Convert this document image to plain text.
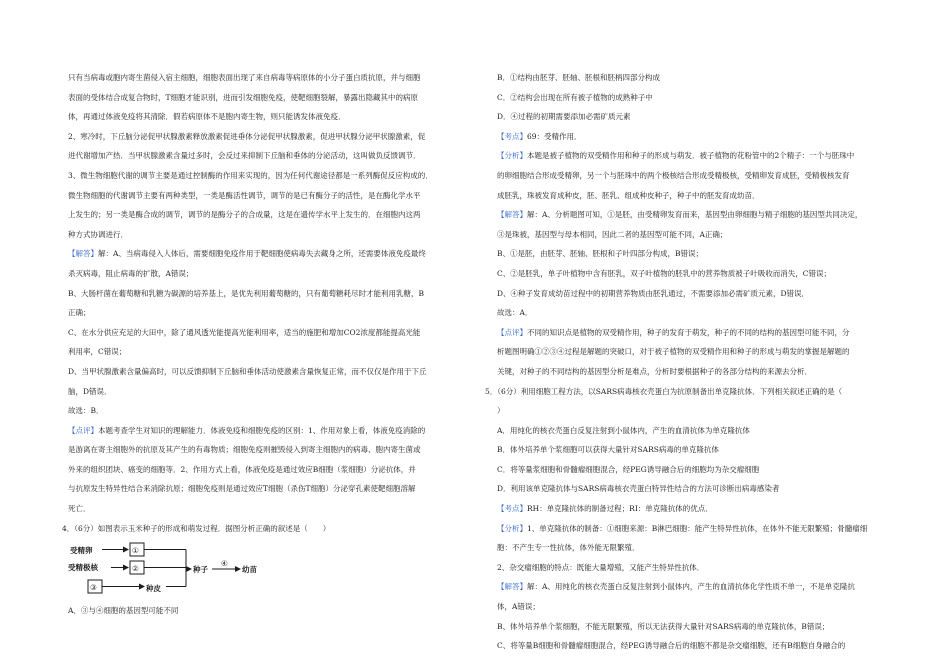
只有当病毒或胞内寄生菌侵入宿主细胞，细胞表面出现了来自病毒等病原体的小分子蛋白质抗原，并与细胞
表面的受体结合成复合物时，T细胞才能识别，进而引发细胞免疫，使靶细胞裂解，暴露出隐藏其中的病原
体，再通过体液免疫将其清除．假若病原体不是胞内寄生物，则只能诱发体液免疫．
2、寒冷时，下丘脑分泌促甲状腺激素释放激素促进垂体分泌促甲状腺激素，促进甲状腺分泌甲状腺激素，促
进代谢增加产热．当甲状腺激素含量过多时，会反过来抑制下丘脑和垂体的分泌活动，这叫做负反馈调节．
3、微生物细胞代谢的调节主要是通过控制酶的作用来实现的，因为任何代谢途径都是一系列酶促反应构成的．
微生物细胞的代谢调节主要有两种类型，一类是酶活性调节，调节的是已有酶分子的活性，是在酶化学水平
上发生的；另一类是酶合成的调节，调节的是酶分子的合成量，这是在遗传学水平上发生的．在细胞内这两
种方式协调进行．
【解答】解：A、当病毒侵入人体后，需要细胞免疫作用于靶细胞使病毒失去藏身之所，还需要体液免疫最终
杀灭病毒，阻止病毒的扩散，A错误；
B、大肠杆菌在葡萄糖和乳糖为碳源的培养基上，是优先利用葡萄糖的，只有葡萄糖耗尽时才能利用乳糖，B
正确；
C、在水分供应充足的大田中，除了通风透光能提高光能利用率，适当的施肥和增加CO2浓度都能提高光能
利用率，C错误；
D、当甲状腺激素含量偏高时，可以反馈抑制下丘脑和垂体活动使激素含量恢复正常，而不仅仅是作用于下丘
脑，D错误．
故选：B．
【点评】本题考查学生对知识的理解能力．体液免疫和细胞免疫的区别：1、作用对象上看，体液免疫消除的
是游离在寄主细胞外的抗原及其产生的有毒物质；细胞免疫则摧毁侵入到寄主细胞内的病毒、胞内寄生菌或
外来的组织团块、癌变的细胞等．2、作用方式上看，体液免疫是通过效应B细胞（浆细胞）分泌抗体，并
与抗原发生特异性结合来消除抗原；细胞免疫则是通过效应T细胞（杀伤T细胞）分泌穿孔素使靶细胞溶解
死亡．
4．（6分）如图表示玉米种子的形成和萌发过程．据图分析正确的叙述是（　　）
受精卵
受精极核	种子	幼苗
种皮
①
②
③
④
A．③与④细胞的基因型可能不同
B．①结构由胚芽、胚轴、胚根和胚柄四部分构成
C．②结构会出现在所有被子植物的成熟种子中
D．④过程的初期需要添加必需矿质元素
【考点】69：受精作用．
【分析】本题是被子植物的双受精作用和种子的形成与萌发．被子植物的花粉管中的2个精子：一个与胚珠中
的卵细胞结合形成受精卵，另一个与胚珠中的两个极核结合形成受精极核，受精卵发育成胚，受精极核发育
成胚乳，珠被发育成种皮，胚、胚乳、组成种皮种子，种子中的胚发育成幼苗．
【解答】解：A、分析题图可知，①是胚，由受精卵发育而来，基因型由卵细胞与精子细胞的基因型共同决定，
③是珠被，基因型与母本相同，因此二者的基因型可能不同，A正确；
B、①是胚，由胚芽、胚轴、胚根和子叶四部分构成，B错误；
C、②是胚乳，单子叶植物中含有胚乳，双子叶植物的胚乳中的营养物质被子叶吸收而消失，C错误；
D、④种子发育成幼苗过程中的初期营养物质由胚乳通过，不需要添加必需矿质元素，D错误．
故选：A．
【点评】不同的知识点是植物的双受精作用，种子的发育于萌发，种子的不同的结构的基因型可能不同，分
析题图明确①②③④过程是解题的突破口，对于被子植物的双受精作用和种子的形成与萌发的掌握是解题的
关键，对种子的不同结构的基因型分析是难点，分析时要根据种子的各部分结构的来源去分析．
5．（6分）利用细胞工程方法，以SARS病毒核衣壳蛋白为抗原制备出单克隆抗体．下列相关叙述正确的是（
）
A．用纯化的核衣壳蛋白反复注射到小鼠体内，产生的血清抗体为单克隆抗体
B．体外培养单个浆细胞可以获得大量针对SARS病毒的单克隆抗体
C．将等量浆细胞和骨髓瘤细胞混合，经PEG诱导融合后的细胞均为杂交瘤细胞
D．利用该单克隆抗体与SARS病毒核衣壳蛋白特异性结合的方法可诊断出病毒感染者
【考点】RH：单克隆抗体的制备过程；RI：单克隆抗体的优点．
【分析】1、单克隆抗体的制备：①细胞来源：B淋巴细胞：能产生特异性抗体，在体外不能无限繁殖；骨髓瘤细
胞：不产生专一性抗体，体外能无限繁殖．
2、杂交瘤细胞的特点：既能大量增殖，又能产生特异性抗体．
【解答】解：A、用纯化的核衣壳蛋白反复注射到小鼠体内，产生的血清抗体化学性质不单一，不是单克隆抗
体，A错误；
B、体外培养单个浆细胞，不能无限繁殖，所以无法获得大量针对SARS病毒的单克隆抗体，B错误；
C、将等量B细胞和骨髓瘤细胞混合，经PEG诱导融合后的细胞不都是杂交瘤细胞，还有B细胞自身融合的
